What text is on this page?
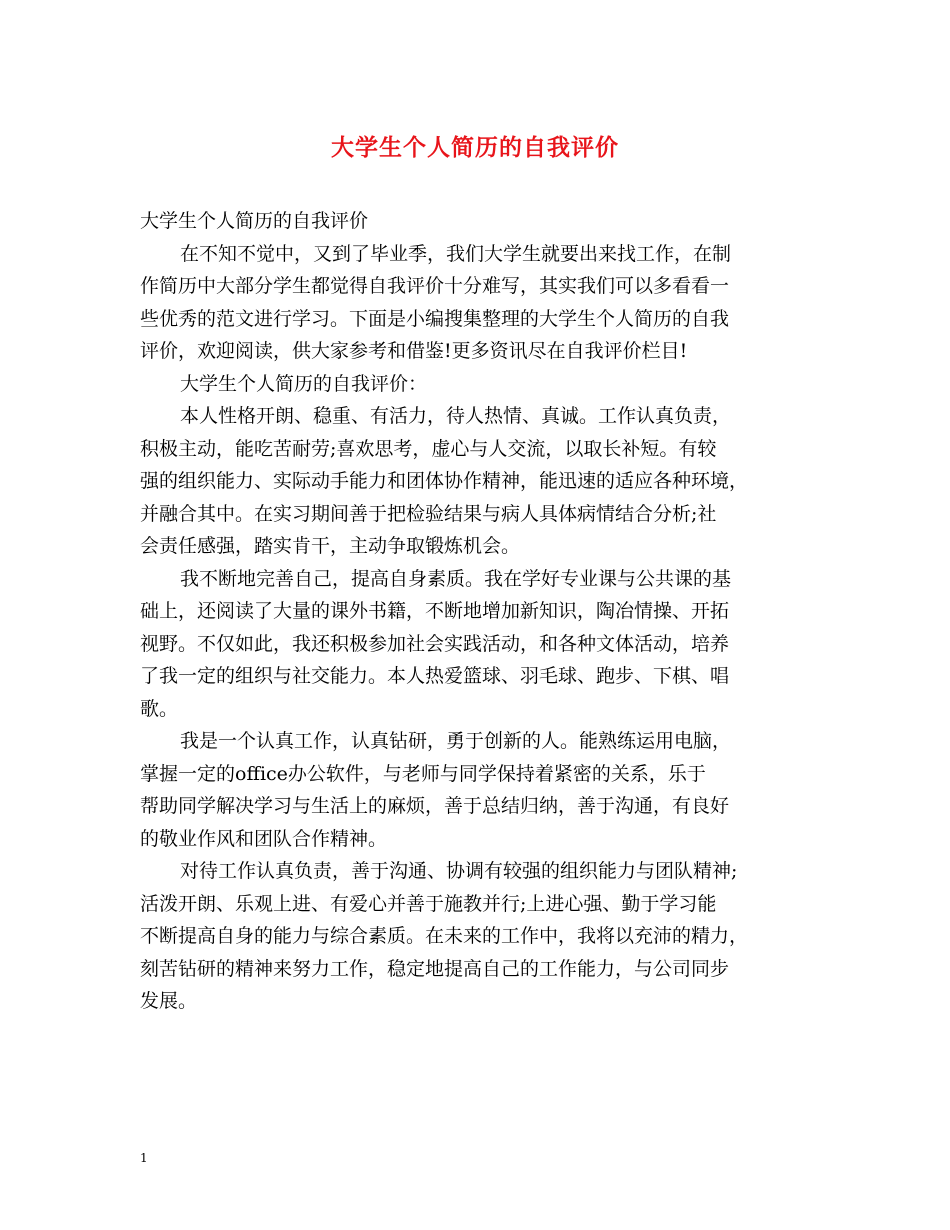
大学生个人简历的自我评价

大学生个人简历的自我评价

在不知不觉中，又到了毕业季，我们大学生就要出来找工作，在制
作简历中大部分学生都觉得自我评价十分难写，其实我们可以多看看一
些优秀的范文进行学习。下面是小编搜集整理的大学生个人简历的自我
评价，欢迎阅读，供大家参考和借鉴!更多资讯尽在自我评价栏目!

大学生个人简历的自我评价：

本人性格开朗、稳重、有活力，待人热情、真诚。工作认真负责，
积极主动，能吃苦耐劳;喜欢思考，虚心与人交流，以取长补短。有较
强的组织能力、实际动手能力和团体协作精神，能迅速的适应各种环境，
并融合其中。在实习期间善于把检验结果与病人具体病情结合分析;社
会责任感强，踏实肯干，主动争取锻炼机会。

我不断地完善自己，提高自身素质。我在学好专业课与公共课的基
础上，还阅读了大量的课外书籍，不断地增加新知识，陶冶情操、开拓
视野。不仅如此，我还积极参加社会实践活动，和各种文体活动，培养
了我一定的组织与社交能力。本人热爱篮球、羽毛球、跑步、下棋、唱
歌。

我是一个认真工作，认真钻研，勇于创新的人。能熟练运用电脑，
掌握一定的office办公软件，与老师与同学保持着紧密的关系，乐于
帮助同学解决学习与生活上的麻烦，善于总结归纳，善于沟通，有良好
的敬业作风和团队合作精神。

对待工作认真负责，善于沟通、协调有较强的组织能力与团队精神;
活泼开朗、乐观上进、有爱心并善于施教并行;上进心强、勤于学习能
不断提高自身的能力与综合素质。在未来的工作中，我将以充沛的精力，
刻苦钻研的精神来努力工作，稳定地提高自己的工作能力，与公司同步
发展。

1
